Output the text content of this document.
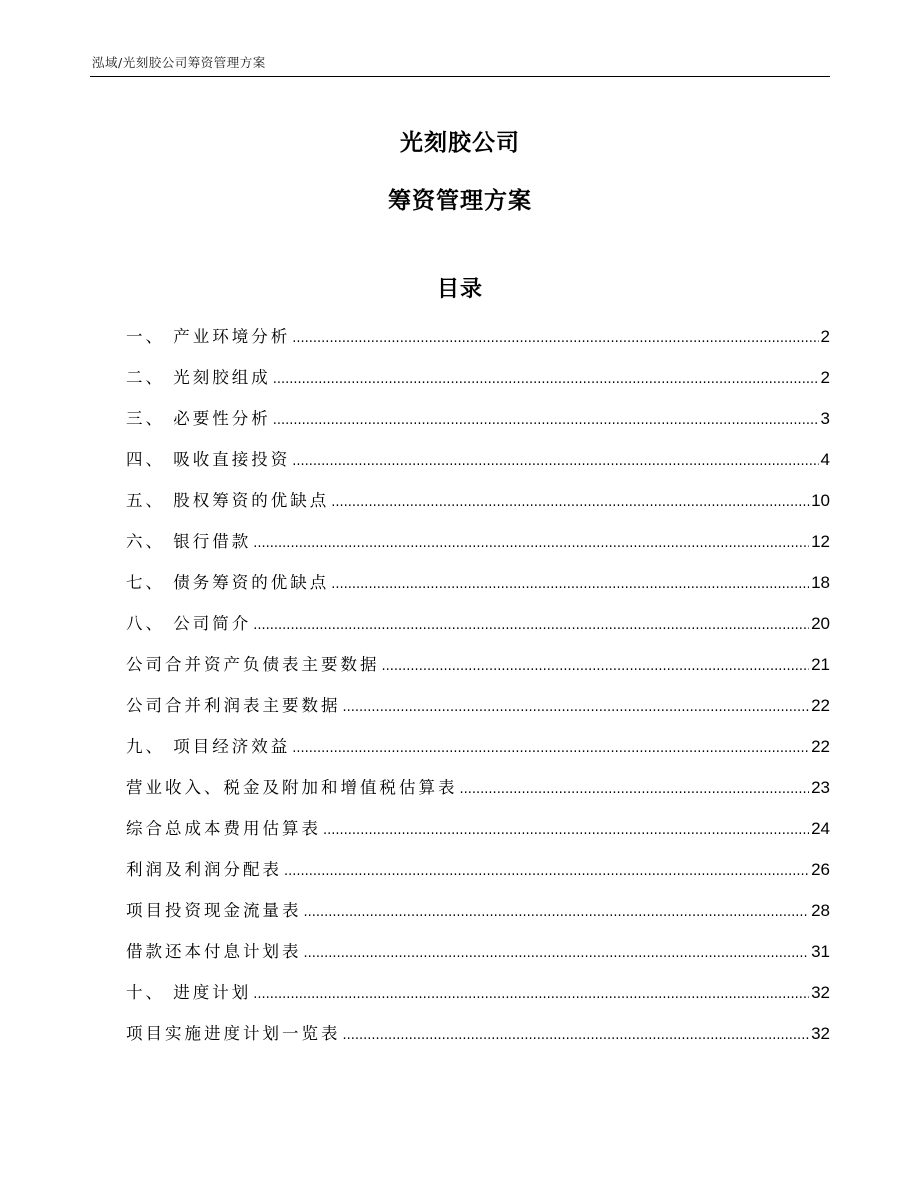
泓域/光刻胶公司筹资管理方案
光刻胶公司
筹资管理方案
目录
一、 产业环境分析 .....	2
二、 光刻胶组成 .....	2
三、 必要性分析 .....	3
四、 吸收直接投资 .....	4
五、 股权筹资的优缺点 .....	10
六、 银行借款 .....	12
七、 债务筹资的优缺点 .....	18
八、 公司简介 .....	20
公司合并资产负债表主要数据 .....	21
公司合并利润表主要数据 .....	22
九、 项目经济效益 .....	22
营业收入、税金及附加和增值税估算表 .....	23
综合总成本费用估算表 .....	24
利润及利润分配表 .....	26
项目投资现金流量表 .....	28
借款还本付息计划表 .....	31
十、 进度计划 .....	32
项目实施进度计划一览表 .....	32
